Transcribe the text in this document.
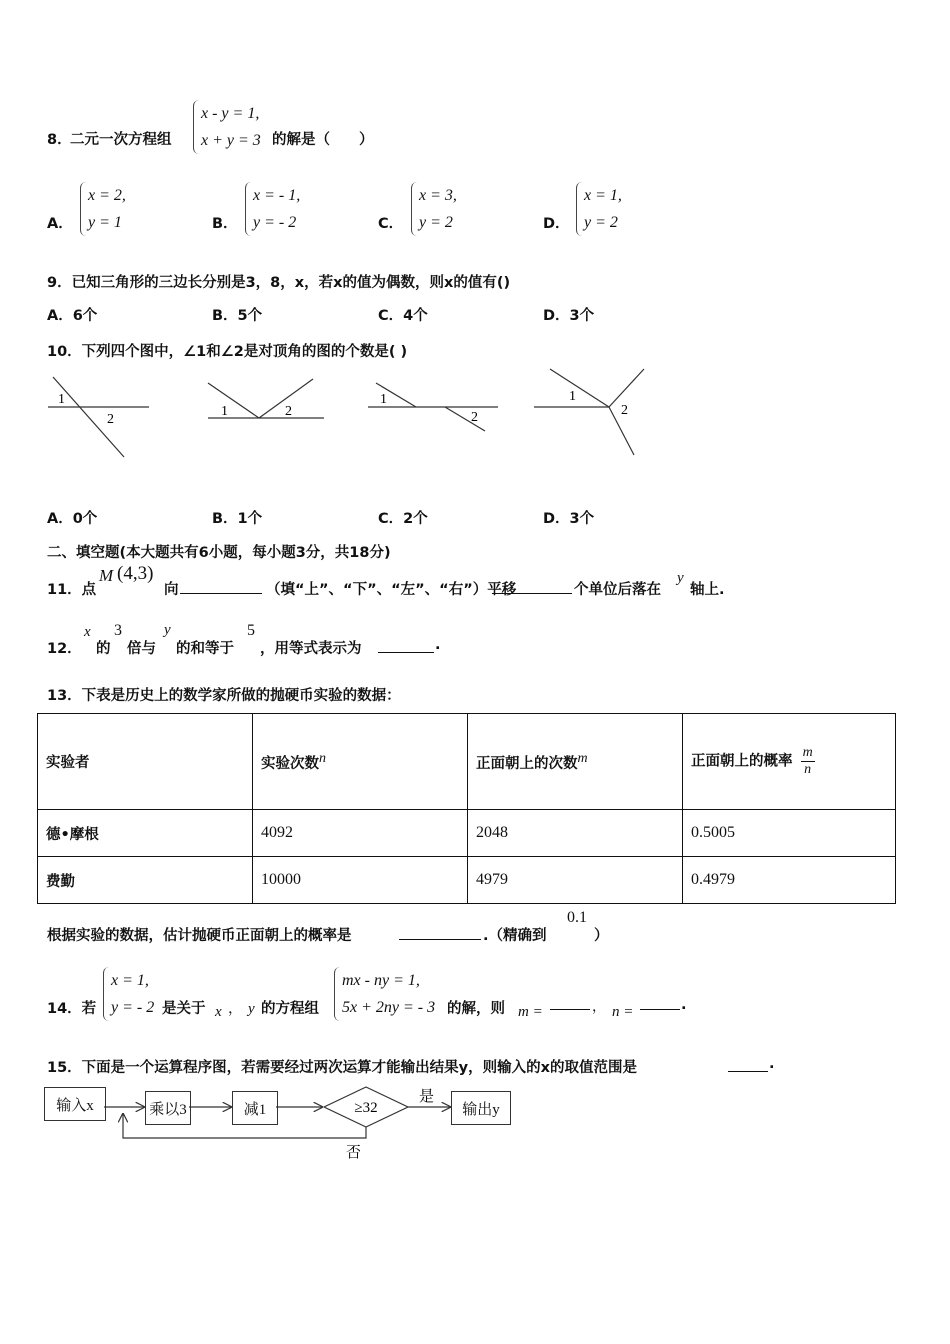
8．
二元一次方程组
x - y = 1,
x + y = 3 的解是（　　）
A．
x = 2,
y = 1	B．
x = - 1,
y = - 2	C．
x = 3,
y = 2	D．
x = 1,
y = 2
9．已知三角形的三边长分别是3，8，x，若x的值为偶数，则x的值有()
A．6个	B．5个	C．4个	D．3个
10．下列四个图中，∠1和∠2是对顶角的图的个数是( )
1
2
1	2
1
2
1
2
A．0个	B．1个	C．2个	D．3个
二、填空题(本大题共有6小题，每小题3分，共18分)
11．点
M (4,3)
向	（填“上”、“下”、“左”、“右”）平移	个单位后落在
y
轴上.
12．
x
的
3
倍与
y
的和等于
5
，用等式表示为	.
13．下表是历史上的数学家所做的抛硬币实验的数据：
实验者	实验次数$^n$	正面朝上的次数$^m$	正面朝上的概率 $\frac{m}{n}$

德•摩根	4092	2048	0.5005
费勤	10000	4979	0.4979
根据实验的数据，估计抛硬币正面朝上的概率是	.（精确到
0.1
）
14．若
x = 1,
y = - 2 是关于 x ， y 的方程组
mx - ny = 1,
5x + 2ny = - 3 的解，则 m =	， n =	.
15．下面是一个运算程序图，若需要经过两次运算才能输出结果y，则输入的x的取值范围是	.
输入x	乘以3	减1	输出y
≥32
是
否
